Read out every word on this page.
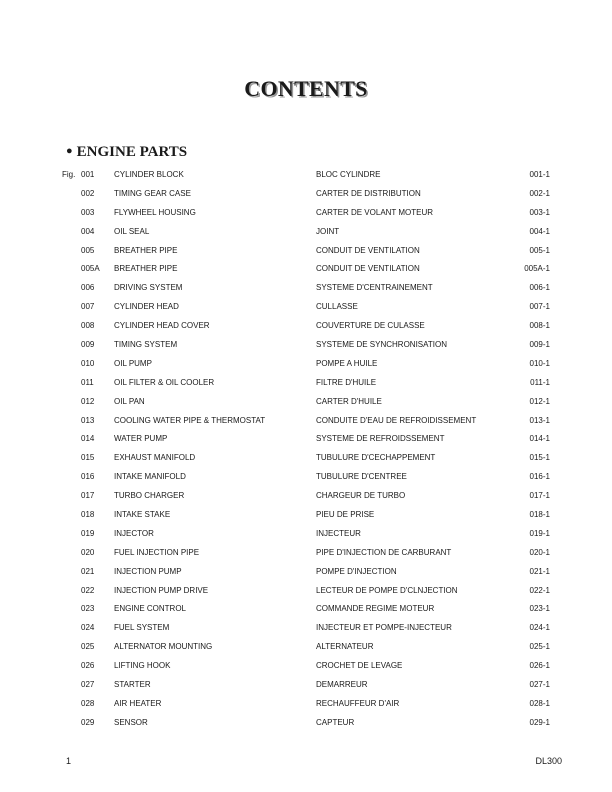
CONTENTS
● ENGINE PARTS
Fig. 001 CYLINDER BLOCK	BLOC CYLINDRE	001-1
002 TIMING GEAR CASE	CARTER DE DISTRIBUTION	002-1
003 FLYWHEEL HOUSING	CARTER DE VOLANT MOTEUR	003-1
004 OIL SEAL	JOINT	004-1
005 BREATHER PIPE	CONDUIT DE VENTILATION	005-1
005A BREATHER PIPE	CONDUIT DE VENTILATION	005A-1
006 DRIVING SYSTEM	SYSTEME D'CENTRAINEMENT	006-1
007 CYLINDER HEAD	CULLASSE	007-1
008 CYLINDER HEAD COVER	COUVERTURE DE CULASSE	008-1
009 TIMING SYSTEM	SYSTEME DE SYNCHRONISATION	009-1
010 OIL PUMP	POMPE A HUILE	010-1
011	OIL FILTER & OIL COOLER	FILTRE D'HUILE	011-1
012 OIL PAN	CARTER D'HUILE	012-1
013 COOLING WATER PIPE & THERMOSTAT	CONDUITE D'EAU DE REFROIDISSEMENT	013-1
014 WATER PUMP	SYSTEME DE REFROIDSSEMENT	014-1
015 EXHAUST MANIFOLD	TUBULURE D'CECHAPPEMENT	015-1
016 INTAKE MANIFOLD	TUBULURE D'CENTREE	016-1
017 TURBO CHARGER	CHARGEUR DE TURBO	017-1
018 INTAKE STAKE	PIEU DE PRISE	018-1
019 INJECTOR	INJECTEUR	019-1
020 FUEL INJECTION PIPE	PIPE D'INJECTION DE CARBURANT	020-1
021 INJECTION PUMP	POMPE D'INJECTION	021-1
022 INJECTION PUMP DRIVE	LECTEUR DE POMPE D'CLNJECTION	022-1
023 ENGINE CONTROL	COMMANDE REGIME MOTEUR	023-1
024 FUEL SYSTEM	INJECTEUR ET POMPE-INJECTEUR	024-1
025 ALTERNATOR MOUNTING	ALTERNATEUR	025-1
026 LIFTING HOOK	CROCHET DE LEVAGE	026-1
027 STARTER	DEMARREUR	027-1
028 AIR HEATER	RECHAUFFEUR D'AIR	028-1
029 SENSOR	CAPTEUR	029-1
1	DL300
